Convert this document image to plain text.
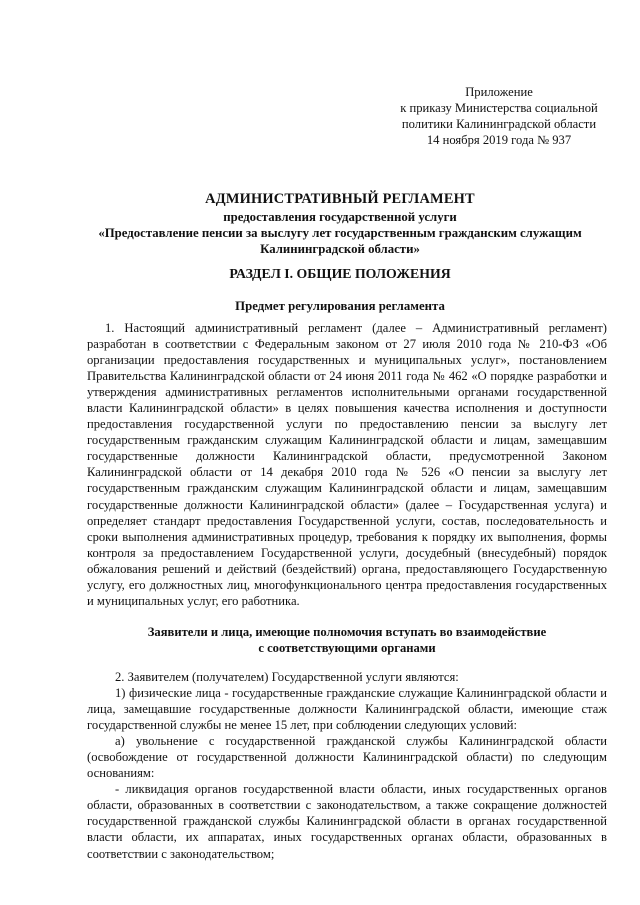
Приложение
к приказу Министерства социальной
политики Калининградской области
14 ноября 2019 года № 937
АДМИНИСТРАТИВНЫЙ РЕГЛАМЕНТ
предоставления государственной услуги
«Предоставление пенсии за выслугу лет государственным гражданским служащим
Калининградской области»
РАЗДЕЛ I. ОБЩИЕ ПОЛОЖЕНИЯ
Предмет регулирования регламента

1. Настоящий административный регламент (далее – Административный регламент) разработан в соответствии с Федеральным законом от 27 июля 2010 года № 210-ФЗ «Об организации предоставления государственных и муниципальных услуг», постановлением Правительства Калининградской области от 24 июня 2011 года № 462 «О порядке разработки и утверждения административных регламентов исполнительными органами государственной власти Калининградской области» в целях повышения качества исполнения и доступности предоставления государственной услуги по предоставлению пенсии за выслугу лет государственным гражданским служащим Калининградской области и лицам, замещавшим государственные должности Калининградской области, предусмотренной Законом Калининградской области от 14 декабря 2010 года № 526 «О пенсии за выслугу лет государственным гражданским служащим Калининградской области и лицам, замещавшим государственные должности Калининградской области» (далее – Государственная услуга) и определяет стандарт предоставления Государственной услуги, состав, последовательность и сроки выполнения административных процедур, требования к порядку их выполнения, формы контроля за предоставлением Государственной услуги, досудебный (внесудебный) порядок обжалования решений и действий (бездействий) органа, предоставляющего Государственную услугу, его должностных лиц, многофункционального центра предоставления государственных и муниципальных услуг, его работника.

Заявители и лица, имеющие полномочия вступать во взаимодействие
с соответствующими органами

2. Заявителем (получателем) Государственной услуги являются:

1) физические лица - государственные гражданские служащие Калининградской области и лица, замещавшие государственные должности Калининградской области, имеющие стаж государственной службы не менее 15 лет, при соблюдении следующих условий:

а) увольнение с государственной гражданской службы Калининградской области (освобождение от государственной должности Калининградской области) по следующим основаниям:

- ликвидация органов государственной власти области, иных государственных органов области, образованных в соответствии с законодательством, а также сокращение должностей государственной гражданской службы Калининградской области в органах государственной власти области, их аппаратах, иных государственных органах области, образованных в соответствии с законодательством;
